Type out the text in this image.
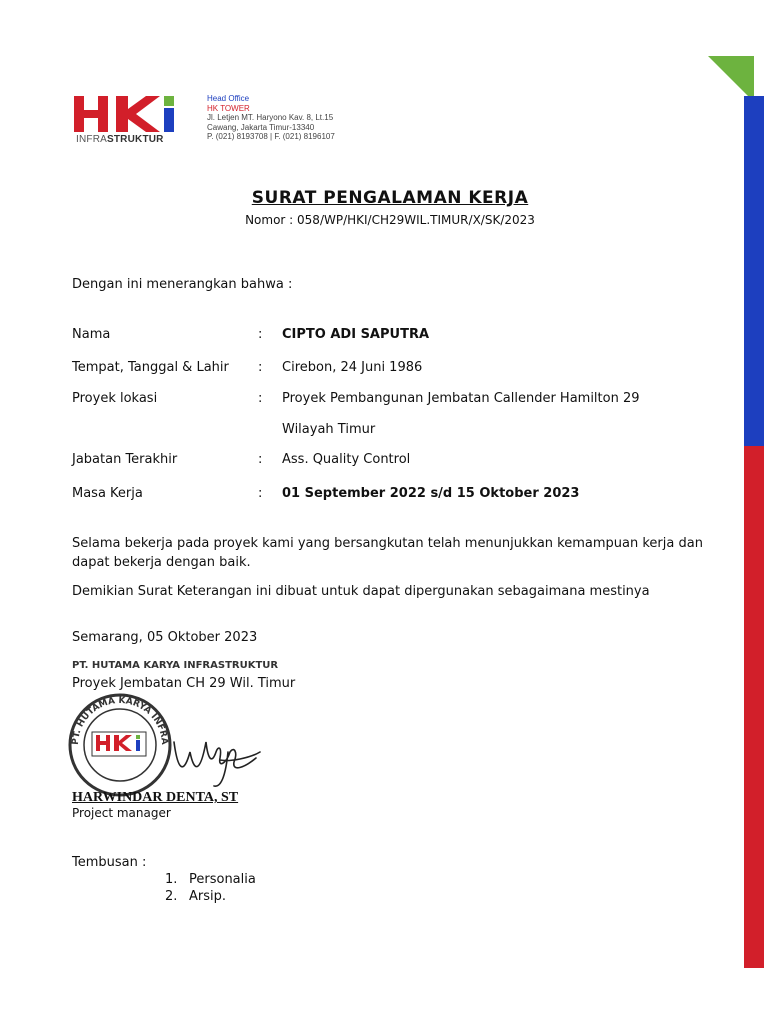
INFRASTRUKTUR
Head Office
HK TOWER
Jl. Letjen MT. Haryono Kav. 8, Lt.15
Cawang, Jakarta Timur-13340
P. (021) 8193708 | F. (021) 8196107
SURAT PENGALAMAN KERJA
Nomor : 058/WP/HKI/CH29WIL.TIMUR/X/SK/2023
Dengan ini menerangkan bahwa :
Nama	: CIPTO ADI SAPUTRA
Tempat, Tanggal & Lahir : Cirebon, 24 Juni 1986
Proyek lokasi	: Proyek Pembangunan Jembatan Callender Hamilton 29
Wilayah Timur
Jabatan Terakhir	: Ass. Quality Control
Masa Kerja	: 01 September 2022 s/d 15 Oktober 2023
Selama bekerja pada proyek kami yang bersangkutan telah menunjukkan kemampuan kerja dan dapat bekerja dengan baik.
Demikian Surat Keterangan ini dibuat untuk dapat dipergunakan sebagaimana mestinya
Semarang, 05 Oktober 2023
PT. HUTAMA KARYA INFRASTRUKTUR
Proyek Jembatan CH 29 Wil. Timur
PT. HUTAMA KARYA INFRA
HARWINDAR DENTA, ST
Project manager
Tembusan :
1. Personalia
2. Arsip.
